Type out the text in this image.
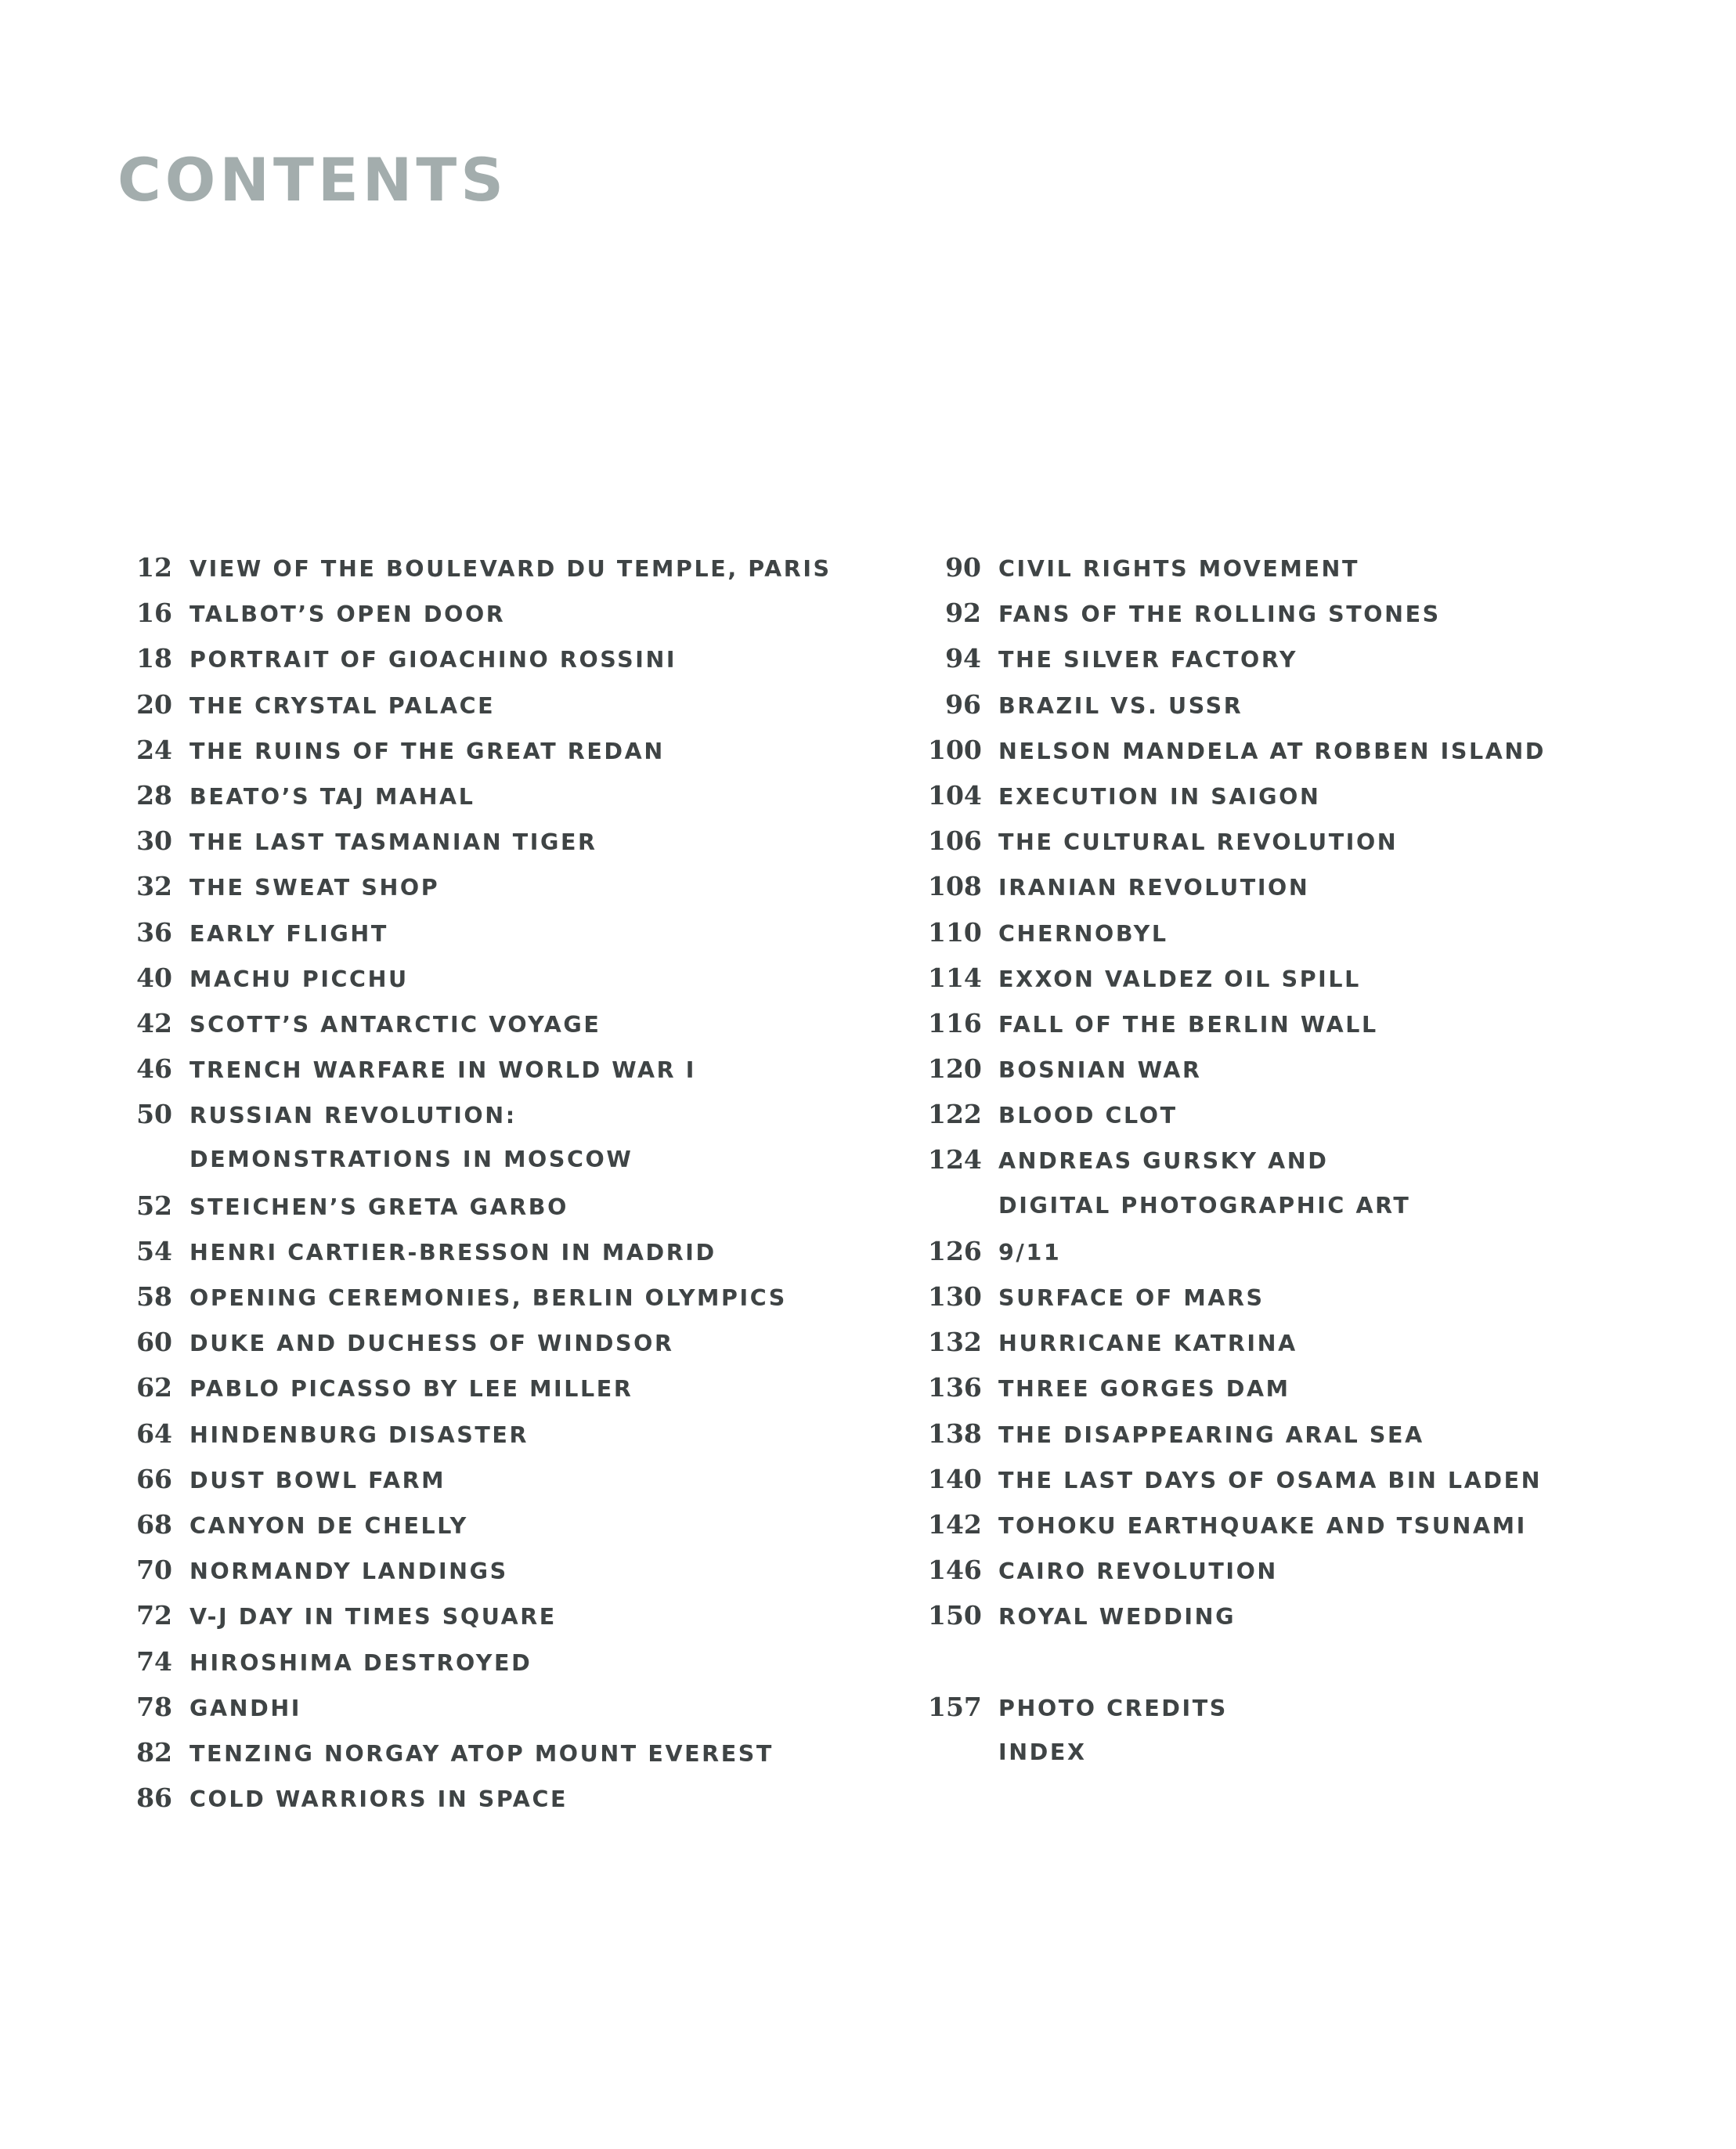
CONTENTS
12 VIEW OF THE BOULEVARD DU TEMPLE, PARIS
16 TALBOT’S OPEN DOOR
18 PORTRAIT OF GIOACHINO ROSSINI
20 THE CRYSTAL PALACE
24 THE RUINS OF THE GREAT REDAN
28 BEATO’S TAJ MAHAL
30 THE LAST TASMANIAN TIGER
32 THE SWEAT SHOP
36 EARLY FLIGHT
40 MACHU PICCHU
42 SCOTT’S ANTARCTIC VOYAGE
46 TRENCH WARFARE IN WORLD WAR I
50 RUSSIAN REVOLUTION:
DEMONSTRATIONS IN MOSCOW
52 STEICHEN’S GRETA GARBO
54 HENRI CARTIER-BRESSON IN MADRID
58 OPENING CEREMONIES, BERLIN OLYMPICS
60 DUKE AND DUCHESS OF WINDSOR
62 PABLO PICASSO BY LEE MILLER
64 HINDENBURG DISASTER
66 DUST BOWL FARM
68 CANYON DE CHELLY
70 NORMANDY LANDINGS
72 V-J DAY IN TIMES SQUARE
74 HIROSHIMA DESTROYED
78 GANDHI
82 TENZING NORGAY ATOP MOUNT EVEREST
86 COLD WARRIORS IN SPACE
90 CIVIL RIGHTS MOVEMENT
92 FANS OF THE ROLLING STONES
94 THE SILVER FACTORY
96 BRAZIL VS. USSR
100 NELSON MANDELA AT ROBBEN ISLAND
104 EXECUTION IN SAIGON
106 THE CULTURAL REVOLUTION
108 IRANIAN REVOLUTION
110 CHERNOBYL
114 EXXON VALDEZ OIL SPILL
116 FALL OF THE BERLIN WALL
120 BOSNIAN WAR
122 BLOOD CLOT
124 ANDREAS GURSKY AND
DIGITAL PHOTOGRAPHIC ART
126 9/11
130 SURFACE OF MARS
132 HURRICANE KATRINA
136 THREE GORGES DAM
138 THE DISAPPEARING ARAL SEA
140 THE LAST DAYS OF OSAMA BIN LADEN
142 TOHOKU EARTHQUAKE AND TSUNAMI
146 CAIRO REVOLUTION
150 ROYAL WEDDING
157 PHOTO CREDITS
INDEX
